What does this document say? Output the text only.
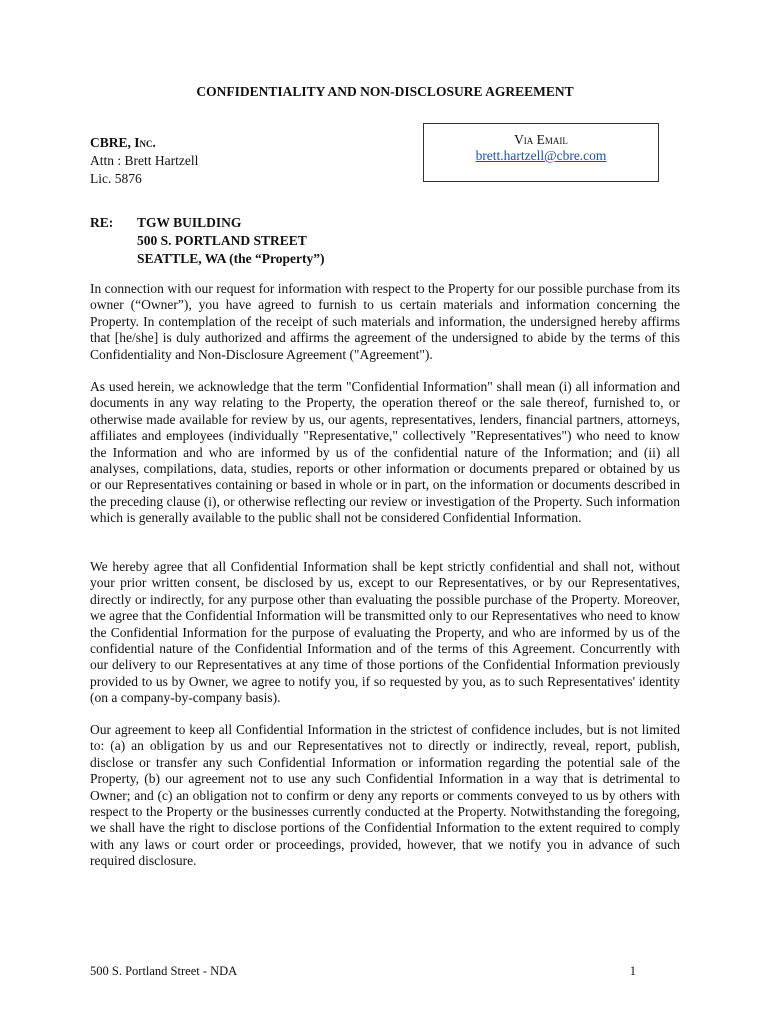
CONFIDENTIALITY AND NON-DISCLOSURE AGREEMENT
CBRE, Inc.
Attn : Brett Hartzell
Lic. 5876
Via Email
brett.hartzell@cbre.com
RE: TGW BUILDING
500 S. PORTLAND STREET
SEATTLE, WA (the “Property”)

In connection with our request for information with respect to the Property for our possible purchase from its owner (“Owner”), you have agreed to furnish to us certain materials and information concerning the Property. In contemplation of the receipt of such materials and information, the undersigned hereby affirms that [he/she] is duly authorized and affirms the agreement of the undersigned to abide by the terms of this Confidentiality and Non-Disclosure Agreement ("Agreement").

As used herein, we acknowledge that the term "Confidential Information" shall mean (i) all information and documents in any way relating to the Property, the operation thereof or the sale thereof, furnished to, or otherwise made available for review by us, our agents, representatives, lenders, financial partners, attorneys, affiliates and employees (individually "Representative," collectively "Representatives") who need to know the Information and who are informed by us of the confidential nature of the Information; and (ii) all analyses, compilations, data, studies, reports or other information or documents prepared or obtained by us or our Representatives containing or based in whole or in part, on the information or documents described in the preceding clause (i), or otherwise reflecting our review or investigation of the Property. Such information which is generally available to the public shall not be considered Confidential Information.

We hereby agree that all Confidential Information shall be kept strictly confidential and shall not, without your prior written consent, be disclosed by us, except to our Representatives, or by our Representatives, directly or indirectly, for any purpose other than evaluating the possible purchase of the Property. Moreover, we agree that the Confidential Information will be transmitted only to our Representatives who need to know the Confidential Information for the purpose of evaluating the Property, and who are informed by us of the confidential nature of the Confidential Information and of the terms of this Agreement. Concurrently with our delivery to our Representatives at any time of those portions of the Confidential Information previously provided to us by Owner, we agree to notify you, if so requested by you, as to such Representatives' identity (on a company-by-company basis).

Our agreement to keep all Confidential Information in the strictest of confidence includes, but is not limited to: (a) an obligation by us and our Representatives not to directly or indirectly, reveal, report, publish, disclose or transfer any such Confidential Information or information regarding the potential sale of the Property, (b) our agreement not to use any such Confidential Information in a way that is detrimental to Owner; and (c) an obligation not to confirm or deny any reports or comments conveyed to us by others with respect to the Property or the businesses currently conducted at the Property. Notwithstanding the foregoing, we shall have the right to disclose portions of the Confidential Information to the extent required to comply with any laws or court order or proceedings, provided, however, that we notify you in advance of such required disclosure.

500 S. Portland Street - NDA	1
